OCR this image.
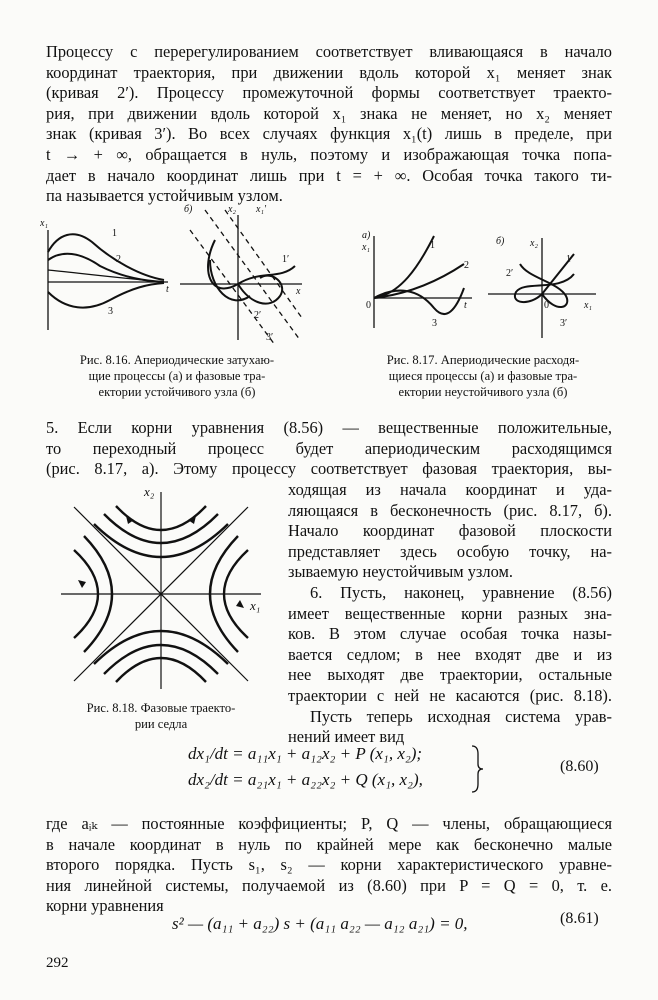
Процессу с перерегулированием соответствует вливающаяся в начало
координат траектория, при движении вдоль которой x₁ меняет знак
(кривая 2′). Процессу промежуточной формы соответствует траекто-
рия, при движении вдоль которой x₁ знака не меняет, но x₂ меняет
знак (кривая 3′). Во всех случаях функция x₁(t) лишь в пределе, при
t → + ∞, обращается в нуль, поэтому и изображающая точка попа-
дает в начало координат лишь при t = + ∞. Особая точка такого ти-
па называется устойчивым узлом.
x₁
t
1
2
3
б)	x₂
x
1′
2′
3′
x₁′
а)
x₁
0	t
1
2
3
б)	x₂
0	x₁
1′
2′
3′
Рис. 8.16. Апериодические затухаю-
щие процессы (а) и фазовые тра-
ектории устойчивого узла (б)
Рис. 8.17. Апериодические расходя-
щиеся процессы (а) и фазовые тра-
ектории неустойчивого узла (б)
5. Если корни уравнения (8.56) — вещественные положительные,
то переходный процесс будет апериодическим расходящимся
(рис. 8.17, а). Этому процессу соответствует фазовая траектория, вы-
x₂
x₁
ходящая из начала координат и уда-
ляющаяся в бесконечность (рис. 8.17, б).
Начало координат фазовой плоскости
представляет здесь особую точку, на-
зываемую неустойчивым узлом.
6. Пусть, наконец, уравнение (8.56)
имеет вещественные корни разных зна-
ков. В этом случае особая точка назы-
вается седлом; в нее входят две и из
нее выходят две траектории, остальные
траектории с ней не касаются (рис. 8.18).
Пусть теперь исходная система урав-
нений имеет вид
Рис. 8.18. Фазовые траекто-
рии седла
dx₁/dt = a₁₁x₁ + a₁₂x₂ + P (x₁, x₂);
dx₂/dt = a₂₁x₁ + a₂₂x₂ + Q (x₁, x₂),
(8.60)
где aᵢₖ — постоянные коэффициенты; P, Q — члены, обращающиеся
в начале координат в нуль по крайней мере как бесконечно малые
второго порядка. Пусть s₁, s₂ — корни характеристического уравне-
ния линейной системы, получаемой из (8.60) при P = Q = 0, т. е.
корни уравнения
s² — (a₁₁ + a₂₂) s + (a₁₁ a₂₂ — a₁₂ a₂₁) = 0,	(8.61)
292
